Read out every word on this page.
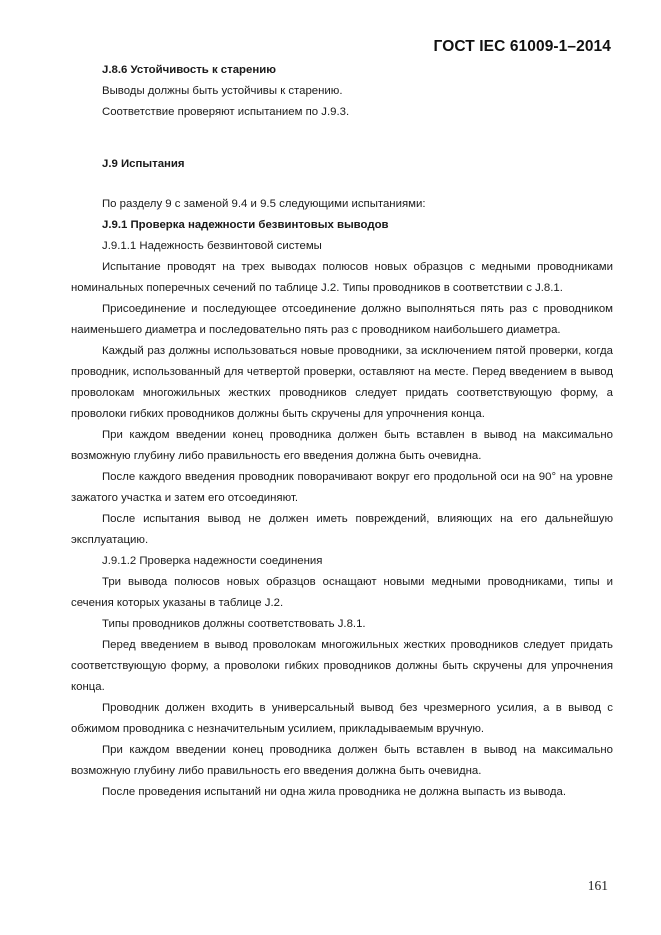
ГОСТ IEC 61009-1–2014

J.8.6 Устойчивость к старению

Выводы должны быть устойчивы к старению.

Соответствие проверяют испытанием по J.9.3.

J.9 Испытания

По разделу 9 с заменой 9.4 и 9.5 следующими испытаниями:

J.9.1 Проверка надежности безвинтовых выводов

J.9.1.1 Надежность безвинтовой системы

Испытание проводят на трех выводах полюсов новых образцов с медными проводниками номинальных поперечных сечений по таблице J.2. Типы проводников в соответствии с J.8.1.

Присоединение и последующее отсоединение должно выполняться пять раз с проводником наименьшего диаметра и последовательно пять раз с проводником наибольшего диаметра.

Каждый раз должны использоваться новые проводники, за исключением пятой проверки, когда проводник, использованный для четвертой проверки, оставляют на месте. Перед введением в вывод проволокам многожильных жестких проводников следует придать соответствующую форму, а проволоки гибких проводников должны быть скручены для упрочнения конца.

При каждом введении конец проводника должен быть вставлен в вывод на максимально возможную глубину либо правильность его введения должна быть очевидна.

После каждого введения проводник поворачивают вокруг его продольной оси на 90° на уровне зажатого участка и затем его отсоединяют.

После испытания вывод не должен иметь повреждений, влияющих на его дальнейшую эксплуатацию.

J.9.1.2 Проверка надежности соединения

Три вывода полюсов новых образцов оснащают новыми медными проводниками, типы и сечения которых указаны в таблице J.2.

Типы проводников должны соответствовать J.8.1.

Перед введением в вывод проволокам многожильных жестких проводников следует придать соответствующую форму, а проволоки гибких проводников должны быть скручены для упрочнения конца.

Проводник должен входить в универсальный вывод без чрезмерного усилия, а в вывод с обжимом проводника с незначительным усилием, прикладываемым вручную.

При каждом введении конец проводника должен быть вставлен в вывод на максимально возможную глубину либо правильность его введения должна быть очевидна.

После проведения испытаний ни одна жила проводника не должна выпасть из вывода.

161
